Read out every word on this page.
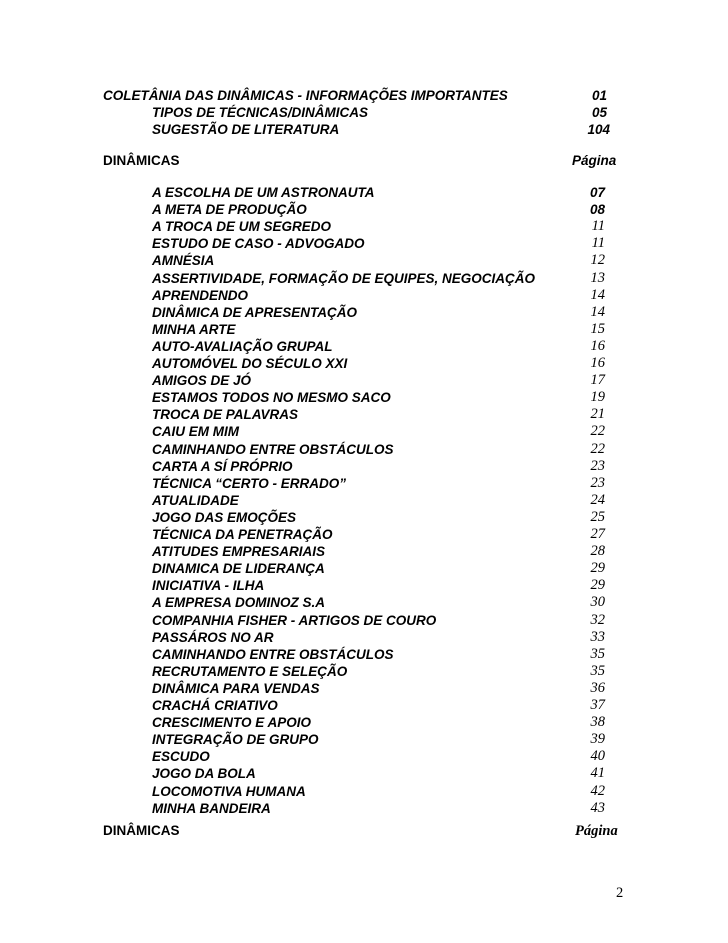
COLETÂNIA DAS DINÂMICAS - INFORMAÇÕES IMPORTANTES	01
TIPOS DE TÉCNICAS/DINÂMICAS	05
SUGESTÃO DE LITERATURA	104
DINÂMICAS	Página
A ESCOLHA DE UM ASTRONAUTA	07
A META DE PRODUÇÃO	08
A TROCA DE UM SEGREDO	11
ESTUDO DE CASO - ADVOGADO	11
AMNÉSIA	12
ASSERTIVIDADE, FORMAÇÃO DE EQUIPES, NEGOCIAÇÃO	13
APRENDENDO	14
DINÂMICA DE APRESENTAÇÃO	14
MINHA ARTE	15
AUTO-AVALIAÇÃO GRUPAL	16
AUTOMÓVEL DO SÉCULO XXI	16
AMIGOS DE JÓ	17
ESTAMOS TODOS NO MESMO SACO	19
TROCA DE PALAVRAS	21
CAIU EM MIM	22
CAMINHANDO ENTRE OBSTÁCULOS	22
CARTA A SÍ PRÓPRIO	23
TÉCNICA “CERTO - ERRADO”	23
ATUALIDADE	24
JOGO DAS EMOÇÕES	25
TÉCNICA DA PENETRAÇÃO	27
ATITUDES EMPRESARIAIS	28
DINAMICA DE LIDERANÇA	29
INICIATIVA - ILHA	29
A EMPRESA DOMINOZ S.A	30
COMPANHIA FISHER - ARTIGOS DE COURO	32
PASSÁROS NO AR	33
CAMINHANDO ENTRE OBSTÁCULOS	35
RECRUTAMENTO E SELEÇÃO	35
DINÂMICA PARA VENDAS	36
CRACHÁ CRIATIVO	37
CRESCIMENTO E APOIO	38
INTEGRAÇÃO DE GRUPO	39
ESCUDO	40
JOGO DA BOLA	41
LOCOMOTIVA HUMANA	42
MINHA BANDEIRA	43
DINÂMICAS	Página
2
